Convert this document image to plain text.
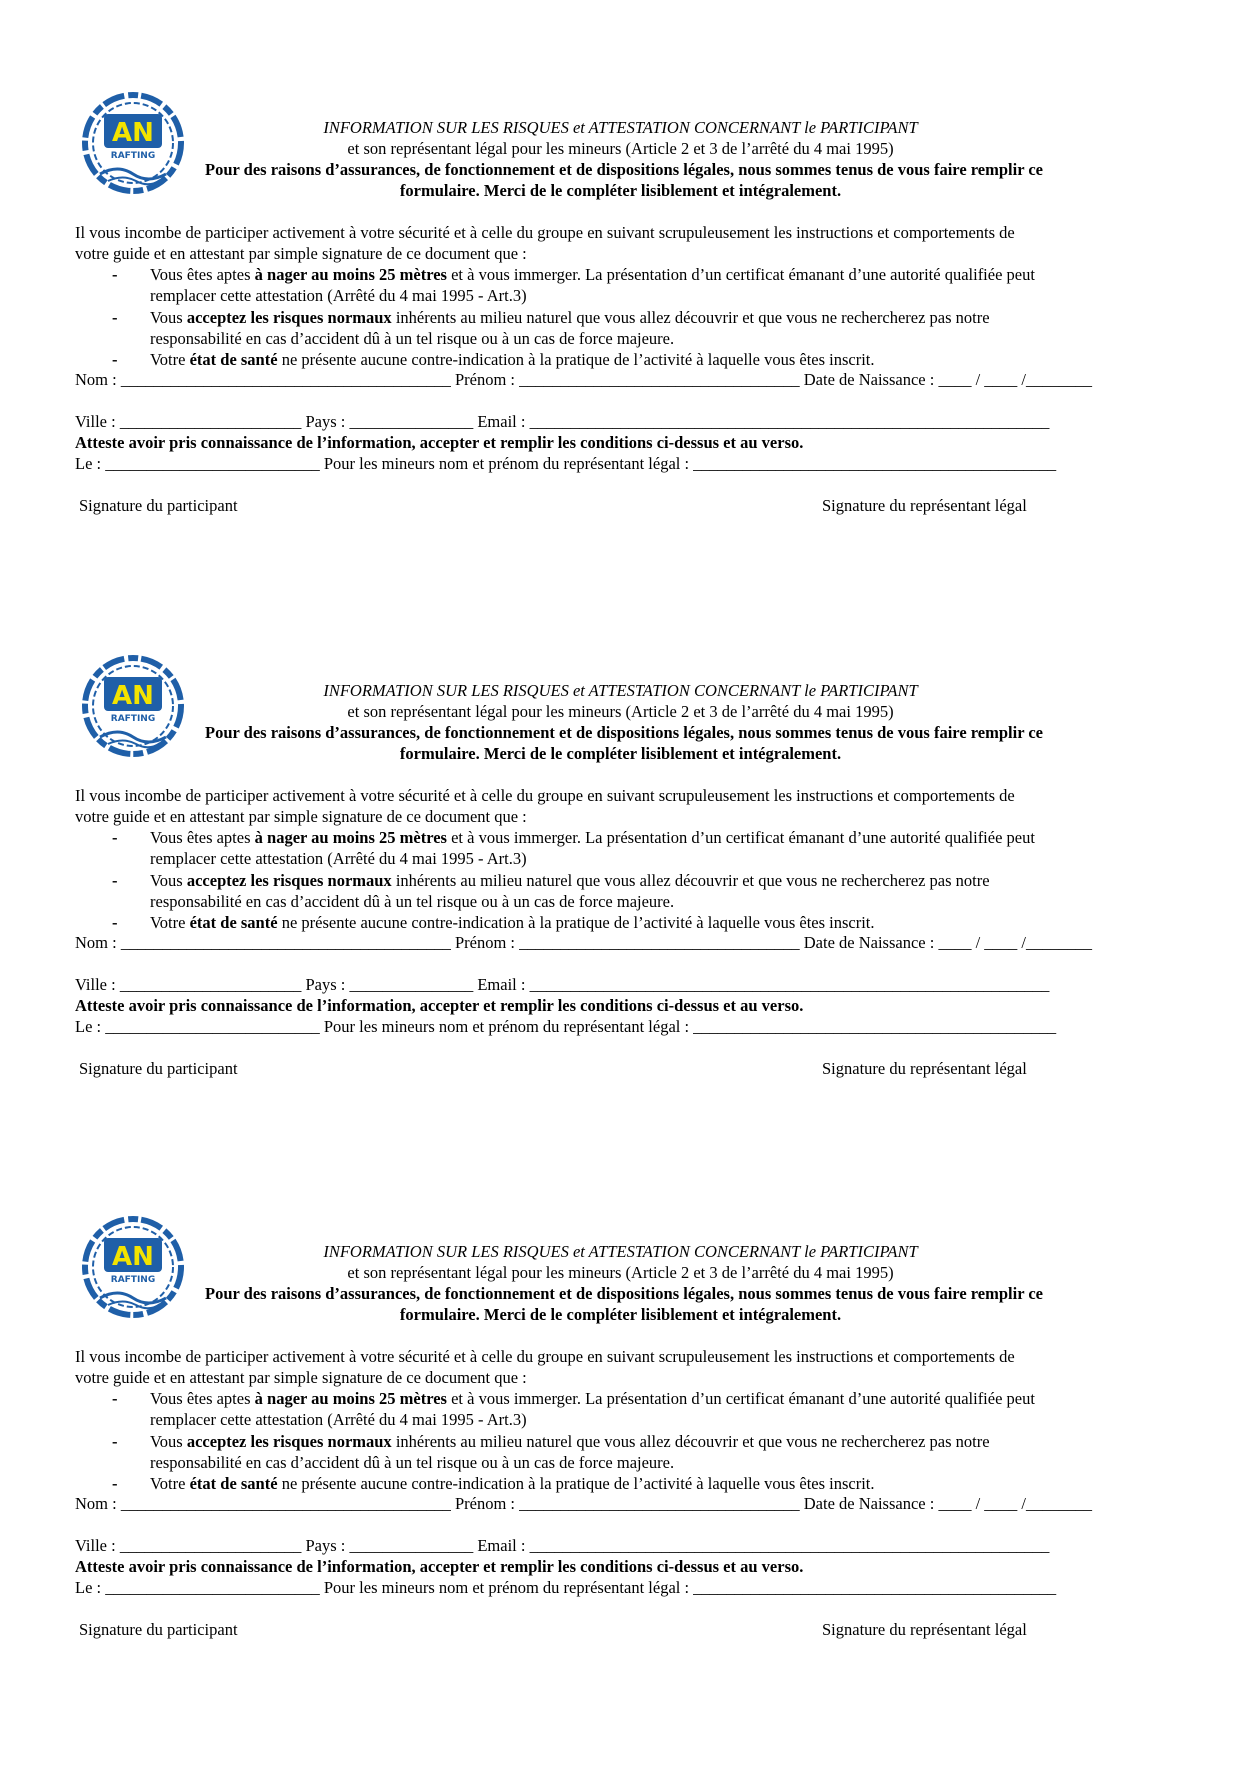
AN
RAFTING
INFORMATION SUR LES RISQUES et ATTESTATION CONCERNANT le PARTICIPANT
et son représentant légal pour les mineurs (Article 2 et 3 de l’arrêté du 4 mai 1995)
Pour des raisons d’assurances, de fonctionnement et de dispositions légales, nous sommes tenus de vous faire remplir ce
formulaire. Merci de le compléter lisiblement et intégralement.
Il vous incombe de participer activement à votre sécurité et à celle du groupe en suivant scrupuleusement les instructions et comportements de
votre guide et en attestant par simple signature de ce document que :
- Vous êtes aptes à nager au moins 25 mètres et à vous immerger. La présentation d’un certificat émanant d’une autorité qualifiée peut
remplacer cette attestation (Arrêté du 4 mai 1995 - Art.3)
- Vous acceptez les risques normaux inhérents au milieu naturel que vous allez découvrir et que vous ne rechercherez pas notre
responsabilité en cas d’accident dû à un tel risque ou à un cas de force majeure.
- Votre état de santé ne présente aucune contre-indication à la pratique de l’activité à laquelle vous êtes inscrit.
Nom : ________________________________________ Prénom : __________________________________ Date de Naissance : ____ / ____ /________
Ville : ______________________ Pays : _______________ Email : _______________________________________________________________
Atteste avoir pris connaissance de l’information, accepter et remplir les conditions ci-dessus et au verso.
Le : __________________________ Pour les mineurs nom et prénom du représentant légal : ____________________________________________
Signature du participant	Signature du représentant légal
AN
RAFTING
INFORMATION SUR LES RISQUES et ATTESTATION CONCERNANT le PARTICIPANT
et son représentant légal pour les mineurs (Article 2 et 3 de l’arrêté du 4 mai 1995)
Pour des raisons d’assurances, de fonctionnement et de dispositions légales, nous sommes tenus de vous faire remplir ce
formulaire. Merci de le compléter lisiblement et intégralement.
Il vous incombe de participer activement à votre sécurité et à celle du groupe en suivant scrupuleusement les instructions et comportements de
votre guide et en attestant par simple signature de ce document que :
- Vous êtes aptes à nager au moins 25 mètres et à vous immerger. La présentation d’un certificat émanant d’une autorité qualifiée peut
remplacer cette attestation (Arrêté du 4 mai 1995 - Art.3)
- Vous acceptez les risques normaux inhérents au milieu naturel que vous allez découvrir et que vous ne rechercherez pas notre
responsabilité en cas d’accident dû à un tel risque ou à un cas de force majeure.
- Votre état de santé ne présente aucune contre-indication à la pratique de l’activité à laquelle vous êtes inscrit.
Nom : ________________________________________ Prénom : __________________________________ Date de Naissance : ____ / ____ /________
Ville : ______________________ Pays : _______________ Email : _______________________________________________________________
Atteste avoir pris connaissance de l’information, accepter et remplir les conditions ci-dessus et au verso.
Le : __________________________ Pour les mineurs nom et prénom du représentant légal : ____________________________________________
Signature du participant	Signature du représentant légal
AN
RAFTING
INFORMATION SUR LES RISQUES et ATTESTATION CONCERNANT le PARTICIPANT
et son représentant légal pour les mineurs (Article 2 et 3 de l’arrêté du 4 mai 1995)
Pour des raisons d’assurances, de fonctionnement et de dispositions légales, nous sommes tenus de vous faire remplir ce
formulaire. Merci de le compléter lisiblement et intégralement.
Il vous incombe de participer activement à votre sécurité et à celle du groupe en suivant scrupuleusement les instructions et comportements de
votre guide et en attestant par simple signature de ce document que :
- Vous êtes aptes à nager au moins 25 mètres et à vous immerger. La présentation d’un certificat émanant d’une autorité qualifiée peut
remplacer cette attestation (Arrêté du 4 mai 1995 - Art.3)
- Vous acceptez les risques normaux inhérents au milieu naturel que vous allez découvrir et que vous ne rechercherez pas notre
responsabilité en cas d’accident dû à un tel risque ou à un cas de force majeure.
- Votre état de santé ne présente aucune contre-indication à la pratique de l’activité à laquelle vous êtes inscrit.
Nom : ________________________________________ Prénom : __________________________________ Date de Naissance : ____ / ____ /________
Ville : ______________________ Pays : _______________ Email : _______________________________________________________________
Atteste avoir pris connaissance de l’information, accepter et remplir les conditions ci-dessus et au verso.
Le : __________________________ Pour les mineurs nom et prénom du représentant légal : ____________________________________________
Signature du participant	Signature du représentant légal
